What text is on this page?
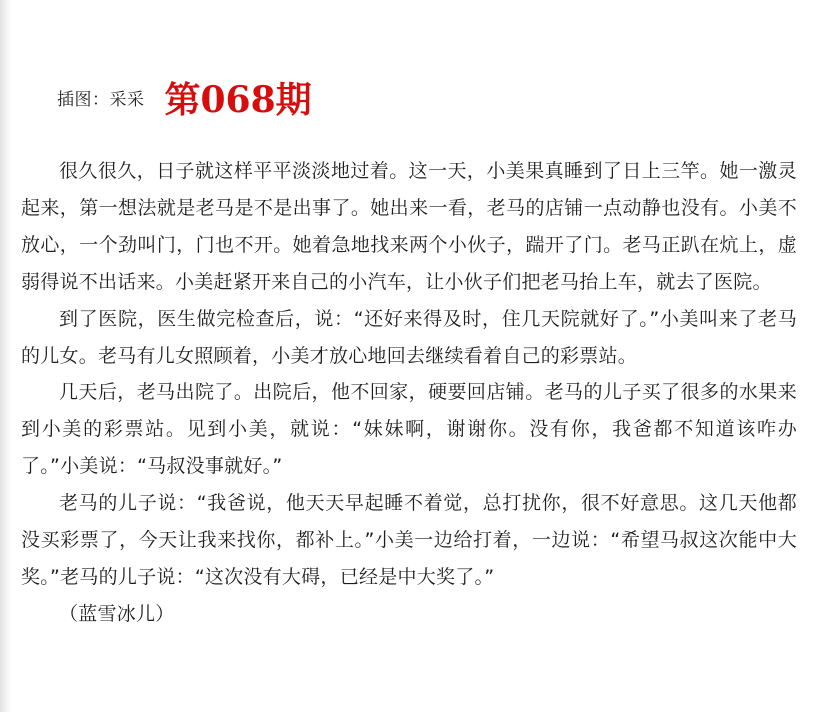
插图：采采 第068期

很久很久，日子就这样平平淡淡地过着。这一天，小美果真睡到了日上三竿。她一激灵起来，第一想法就是老马是不是出事了。她出来一看，老马的店铺一点动静也没有。小美不放心，一个劲叫门，门也不开。她着急地找来两个小伙子，踹开了门。老马正趴在炕上，虚弱得说不出话来。小美赶紧开来自己的小汽车，让小伙子们把老马抬上车，就去了医院。

到了医院，医生做完检查后，说：“还好来得及时，住几天院就好了。”小美叫来了老马的儿女。老马有儿女照顾着，小美才放心地回去继续看着自己的彩票站。

几天后，老马出院了。出院后，他不回家，硬要回店铺。老马的儿子买了很多的水果来到小美的彩票站。见到小美，就说：“妹妹啊，谢谢你。没有你，我爸都不知道该咋办了。”小美说：“马叔没事就好。”

老马的儿子说：“我爸说，他天天早起睡不着觉，总打扰你，很不好意思。这几天他都没买彩票了，今天让我来找你，都补上。”小美一边给打着，一边说：“希望马叔这次能中大奖。”老马的儿子说：“这次没有大碍，已经是中大奖了。”

（蓝雪冰儿）
